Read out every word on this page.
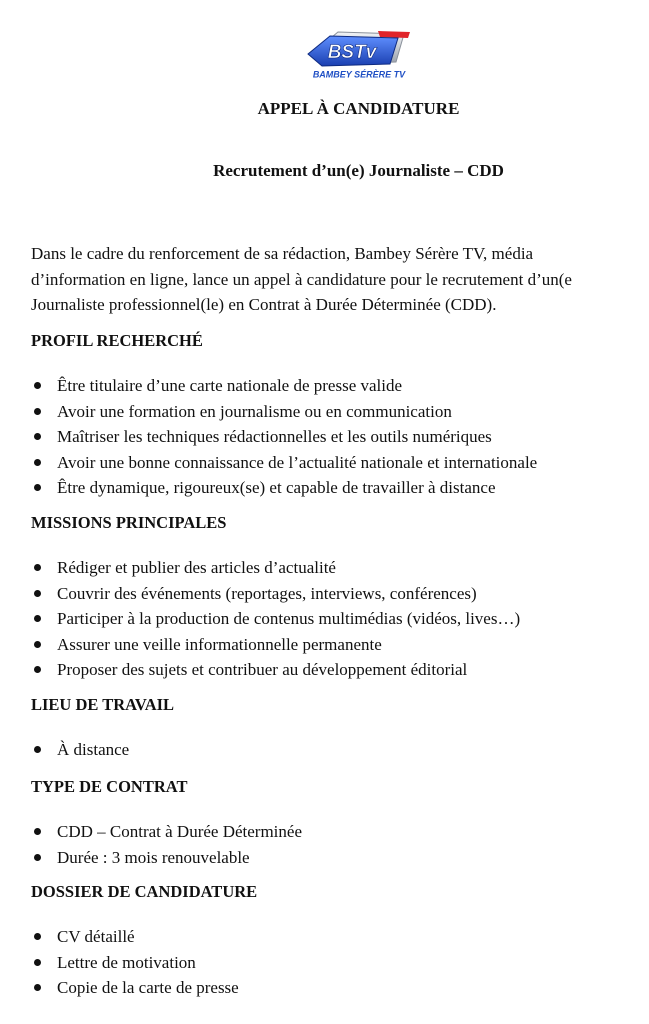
BSTv
BAMBEY SÉRÈRE TV
APPEL À CANDIDATURE
Recrutement d’un(e) Journaliste – CDD

Dans le cadre du renforcement de sa rédaction, Bambey Sérère TV, média
d’information en ligne, lance un appel à candidature pour le recrutement d’un(e
Journaliste professionnel(le) en Contrat à Durée Déterminée (CDD).

PROFIL RECHERCHÉ
Être titulaire d’une carte nationale de presse valide
Avoir une formation en journalisme ou en communication
Maîtriser les techniques rédactionnelles et les outils numériques
Avoir une bonne connaissance de l’actualité nationale et internationale
Être dynamique, rigoureux(se) et capable de travailler à distance
MISSIONS PRINCIPALES
Rédiger et publier des articles d’actualité
Couvrir des événements (reportages, interviews, conférences)
Participer à la production de contenus multimédias (vidéos, lives…)
Assurer une veille informationnelle permanente
Proposer des sujets et contribuer au développement éditorial
LIEU DE TRAVAIL
À distance
TYPE DE CONTRAT
CDD – Contrat à Durée Déterminée
Durée : 3 mois renouvelable
DOSSIER DE CANDIDATURE
CV détaillé
Lettre de motivation
Copie de la carte de presse
